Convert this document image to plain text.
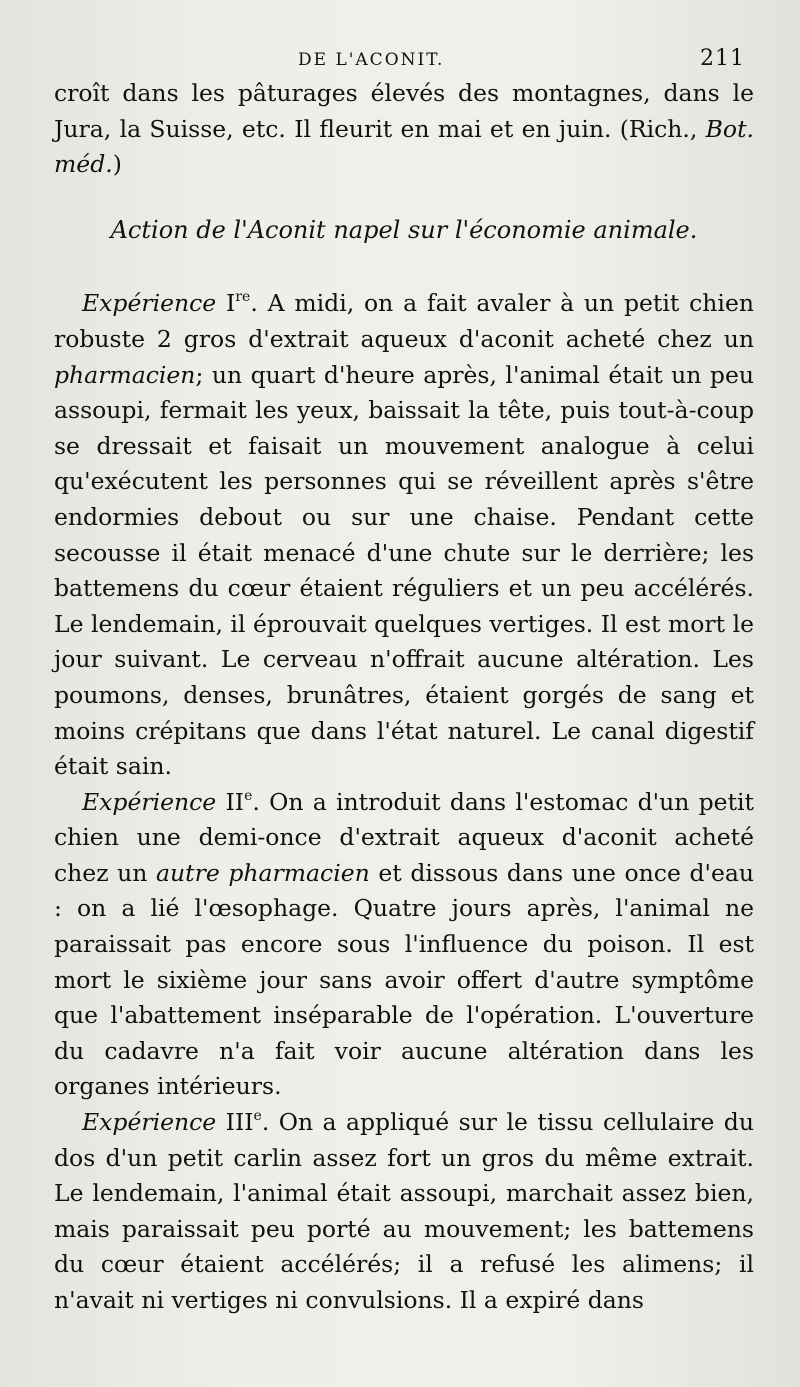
DE L'ACONIT.	211

croît dans les pâturages élevés des montagnes, dans le Jura, la Suisse, etc. Il fleurit en mai et en juin. (Rich., Bot. méd.)

Action de l'Aconit napel sur l'économie animale.

Expérience Ire. A midi, on a fait avaler à un petit chien robuste 2 gros d'extrait aqueux d'aconit acheté chez un pharmacien; un quart d'heure après, l'animal était un peu assoupi, fermait les yeux, baissait la tête, puis tout-à-coup se dressait et faisait un mouvement analogue à celui qu'exécutent les personnes qui se réveillent après s'être endormies debout ou sur une chaise. Pendant cette secousse il était menacé d'une chute sur le derrière; les battemens du cœur étaient réguliers et un peu accélérés. Le lendemain, il éprouvait quelques vertiges. Il est mort le jour suivant. Le cerveau n'offrait aucune altération. Les poumons, denses, brunâtres, étaient gorgés de sang et moins crépitans que dans l'état naturel. Le canal digestif était sain.

Expérience IIe. On a introduit dans l'estomac d'un petit chien une demi-once d'extrait aqueux d'aconit acheté chez un autre pharmacien et dissous dans une once d'eau : on a lié l'œsophage. Quatre jours après, l'animal ne paraissait pas encore sous l'influence du poison. Il est mort le sixième jour sans avoir offert d'autre symptôme que l'abattement inséparable de l'opération. L'ouverture du cadavre n'a fait voir aucune altération dans les organes intérieurs.

Expérience IIIe. On a appliqué sur le tissu cellulaire du dos d'un petit carlin assez fort un gros du même extrait. Le lendemain, l'animal était assoupi, marchait assez bien, mais paraissait peu porté au mouvement; les battemens du cœur étaient accélérés; il a refusé les alimens; il n'avait ni vertiges ni convulsions. Il a expiré dans
